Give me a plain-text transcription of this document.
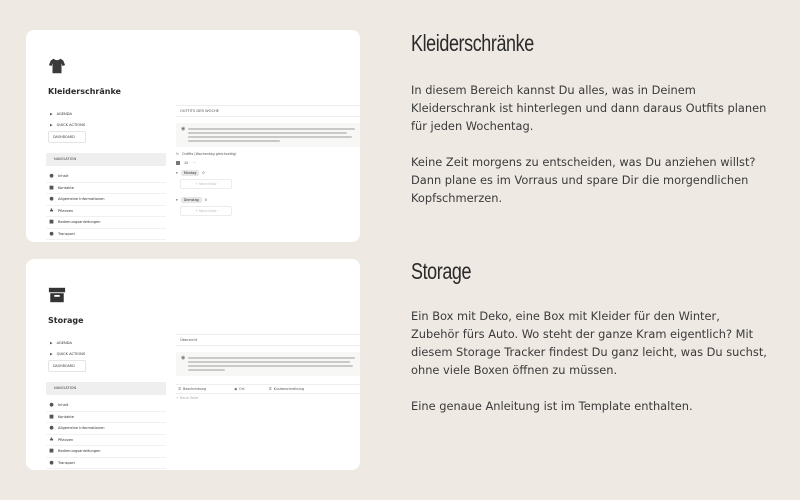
Kleiderschränke
▶ AGENDA
▶ QUICK ACTIONS
DASHBOARD
NAVIGATION
● Inhalt
■ Kontakte
● Allgemeine Informationen
♣ Pflanzen
■ Bedienungsanleitungen
● Transport
OUTFITS DER WOCHE
◉
↻ Outfits (Wochentag gleichzeitig)
10 ⋯
▾	Montag	0
+ Neue Notiz
▾	Dienstag	0
+ Neue Notiz
Storage
▶ AGENDA
▶ QUICK ACTIONS
DASHBOARD
NAVIGATION
● Inhalt
■ Kontakte
● Allgemeine Informationen
♣ Pflanzen
■ Bedienungsanleitungen
● Transport
Übersicht
◉
☰ Beschreibung	◉ Ort	☰ Kurzbeschreibung
+ Neue Zeile
Kleiderschränke

In diesem Bereich kannst Du alles, was in Deinem Kleiderschrank ist hinterlegen und dann daraus Outfits planen für jeden Wochentag.

Keine Zeit morgens zu entscheiden, was Du anziehen willst? Dann plane es im Vorraus und spare Dir die morgendlichen Kopfschmerzen.

Storage

Ein Box mit Deko, eine Box mit Kleider für den Winter, Zubehör fürs Auto. Wo steht der ganze Kram eigentlich? Mit diesem Storage Tracker findest Du ganz leicht, was Du suchst, ohne viele Boxen öffnen zu müssen.

Eine genaue Anleitung ist im Template enthalten.
